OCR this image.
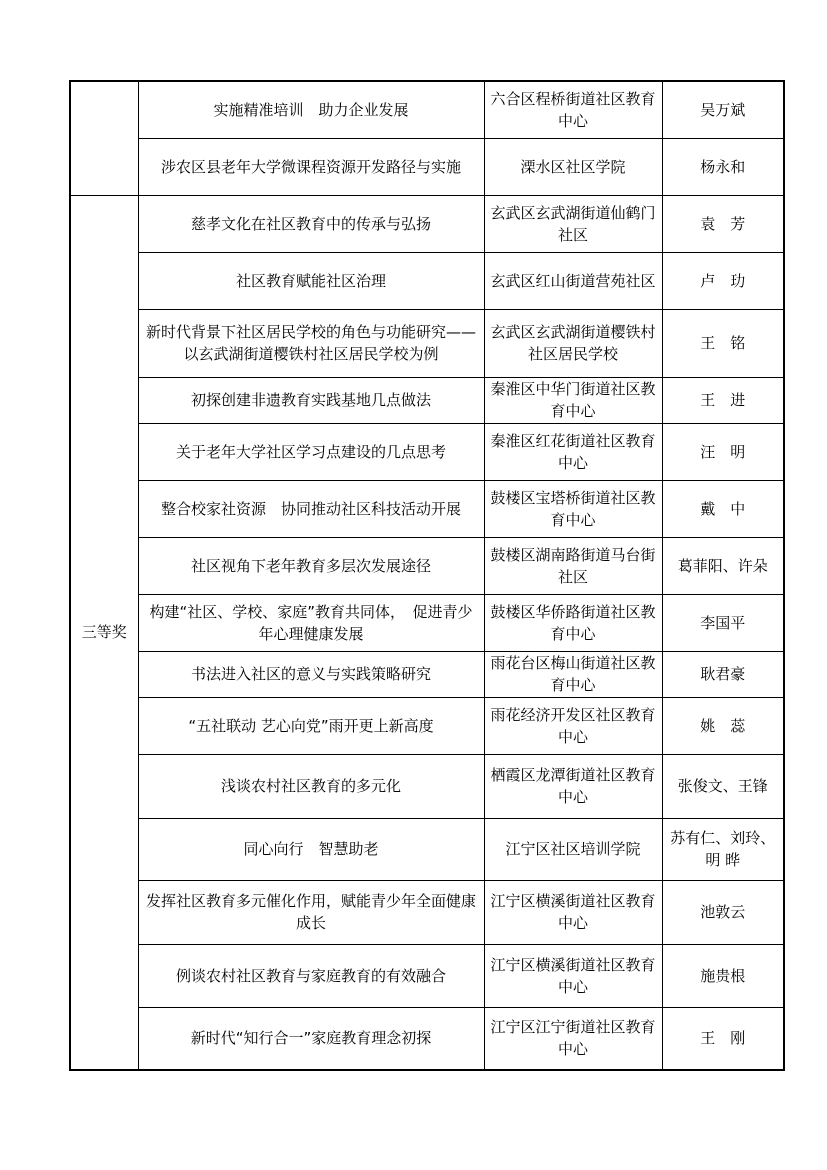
	实施精准培训　助力企业发展	六合区程桥街道社区教育中心	吴万斌
	涉农区县老年大学微课程资源开发路径与实施	溧水区社区学院	杨永和
三等奖	慈孝文化在社区教育中的传承与弘扬	玄武区玄武湖街道仙鹤门社区	袁　芳
	社区教育赋能社区治理	玄武区红山街道营苑社区	卢　玏
	新时代背景下社区居民学校的角色与功能研究——以玄武湖街道樱铁村社区居民学校为例	玄武区玄武湖街道樱铁村社区居民学校	王　铭
	初探创建非遗教育实践基地几点做法	秦淮区中华门街道社区教育中心	王　进
	关于老年大学社区学习点建设的几点思考	秦淮区红花街道社区教育中心	汪　明
	整合校家社资源　协同推动社区科技活动开展	鼓楼区宝塔桥街道社区教育中心	戴　中
	社区视角下老年教育多层次发展途径	鼓楼区湖南路街道马台街社区	葛菲阳、许朵
	构建“社区、学校、家庭”教育共同体，　促进青少年心理健康发展	鼓楼区华侨路街道社区教育中心	李国平
	书法进入社区的意义与实践策略研究	雨花台区梅山街道社区教育中心	耿君豪
	“五社联动 艺心向党”雨开更上新高度	雨花经济开发区社区教育中心	姚　蕊
	浅谈农村社区教育的多元化	栖霞区龙潭街道社区教育中心	张俊文、王锋
	同心向行　智慧助老	江宁区社区培训学院	苏有仁、刘玲、明 晔
	发挥社区教育多元催化作用，赋能青少年全面健康成长	江宁区横溪街道社区教育中心	池敦云
	例谈农村社区教育与家庭教育的有效融合	江宁区横溪街道社区教育中心	施贵根
	新时代“知行合一”家庭教育理念初探	江宁区江宁街道社区教育中心	王　刚
